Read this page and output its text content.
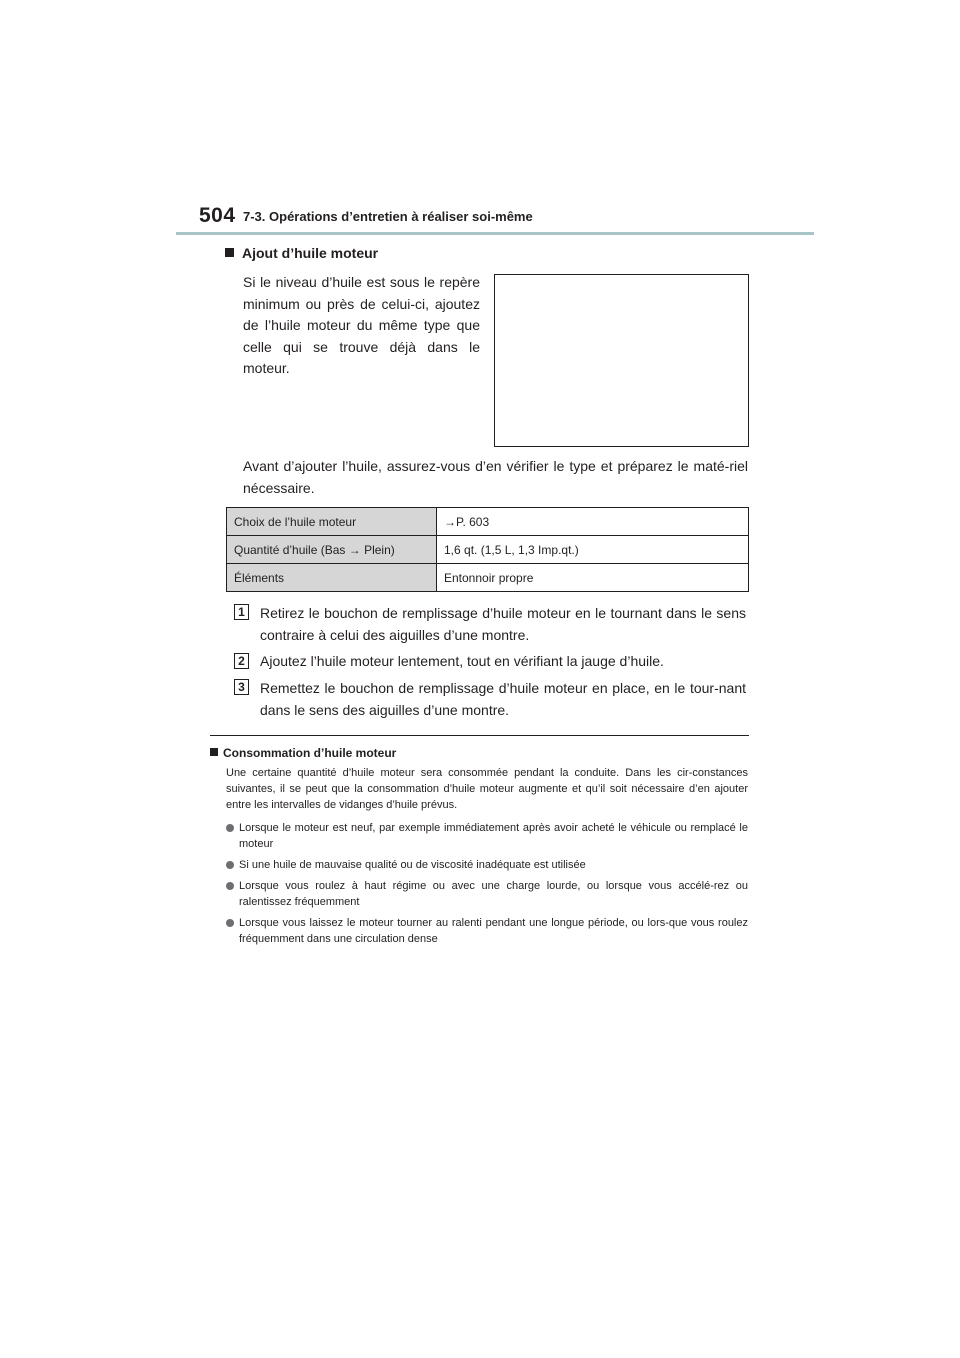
504 7-3. Opérations d’entretien à réaliser soi-même
Ajout d’huile moteur
Si le niveau d’huile est sous le repère minimum ou près de celui-ci, ajoutez de l’huile moteur du même type que celle qui se trouve déjà dans le moteur.
Avant d’ajouter l’huile, assurez-vous d’en vérifier le type et préparez le maté-riel nécessaire.
Choix de l’huile moteur	→P. 603
Quantité d’huile (Bas → Plein)	1,6 qt. (1,5 L, 1,3 Imp.qt.)
Éléments	Entonnoir propre
1 Retirez le bouchon de remplissage d’huile moteur en le tournant dans le sens contraire à celui des aiguilles d’une montre.
2 Ajoutez l’huile moteur lentement, tout en vérifiant la jauge d’huile.
3 Remettez le bouchon de remplissage d’huile moteur en place, en le tour-nant dans le sens des aiguilles d’une montre.
Consommation d’huile moteur
Une certaine quantité d’huile moteur sera consommée pendant la conduite. Dans les cir-constances suivantes, il se peut que la consommation d’huile moteur augmente et qu’il soit nécessaire d’en ajouter entre les intervalles de vidanges d’huile prévus.
Lorsque le moteur est neuf, par exemple immédiatement après avoir acheté le véhicule ou remplacé le moteur
Si une huile de mauvaise qualité ou de viscosité inadéquate est utilisée
Lorsque vous roulez à haut régime ou avec une charge lourde, ou lorsque vous accélé-rez ou ralentissez fréquemment
Lorsque vous laissez le moteur tourner au ralenti pendant une longue période, ou lors-que vous roulez fréquemment dans une circulation dense
